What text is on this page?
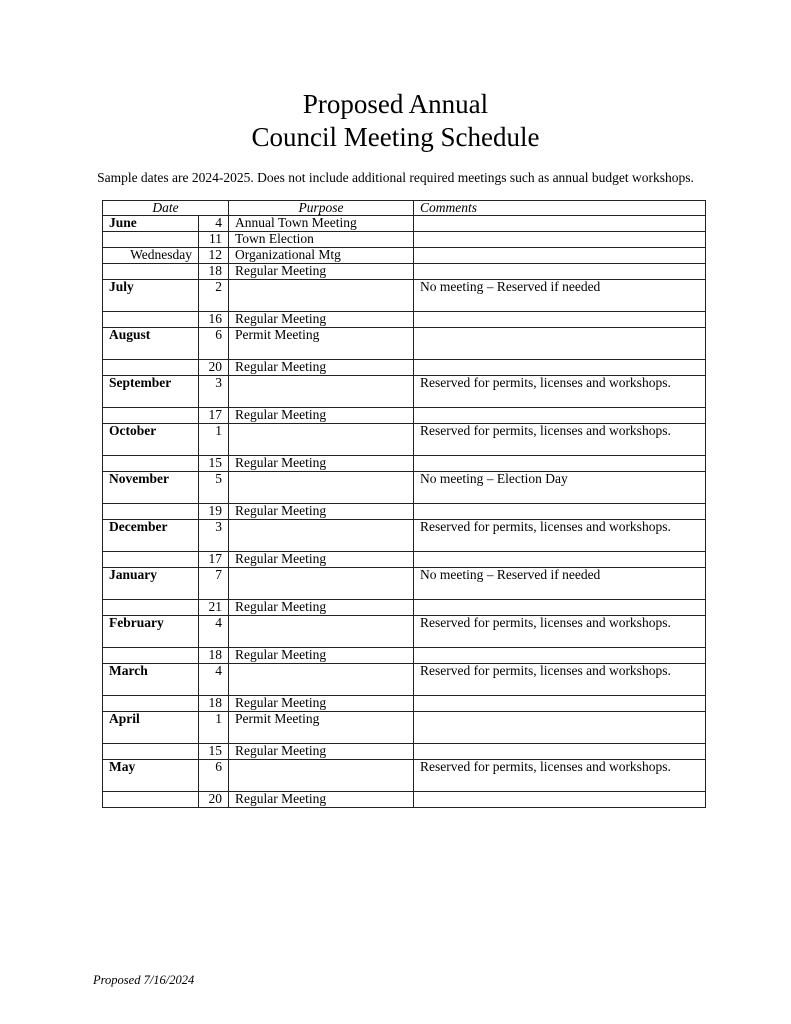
Proposed Annual
Council Meeting Schedule
Sample dates are 2024-2025. Does not include additional required meetings such as annual budget workshops.
Date		Purpose	Comments
June	4	Annual Town Meeting	
	11	Town Election	
Wednesday	12	Organizational Mtg	
	18	Regular Meeting	
July	2		No meeting – Reserved if needed
	16	Regular Meeting	
August	6	Permit Meeting	
	20	Regular Meeting	
September	3		Reserved for permits, licenses and workshops.
	17	Regular Meeting	
October	1		Reserved for permits, licenses and workshops.
	15	Regular Meeting	
November	5		No meeting – Election Day
	19	Regular Meeting	
December	3		Reserved for permits, licenses and workshops.
	17	Regular Meeting	
January	7		No meeting – Reserved if needed
	21	Regular Meeting	
February	4		Reserved for permits, licenses and workshops.
	18	Regular Meeting	
March	4		Reserved for permits, licenses and workshops.
	18	Regular Meeting	
April	1	Permit Meeting	
	15	Regular Meeting	
May	6		Reserved for permits, licenses and workshops.
	20	Regular Meeting	
Proposed 7/16/2024
